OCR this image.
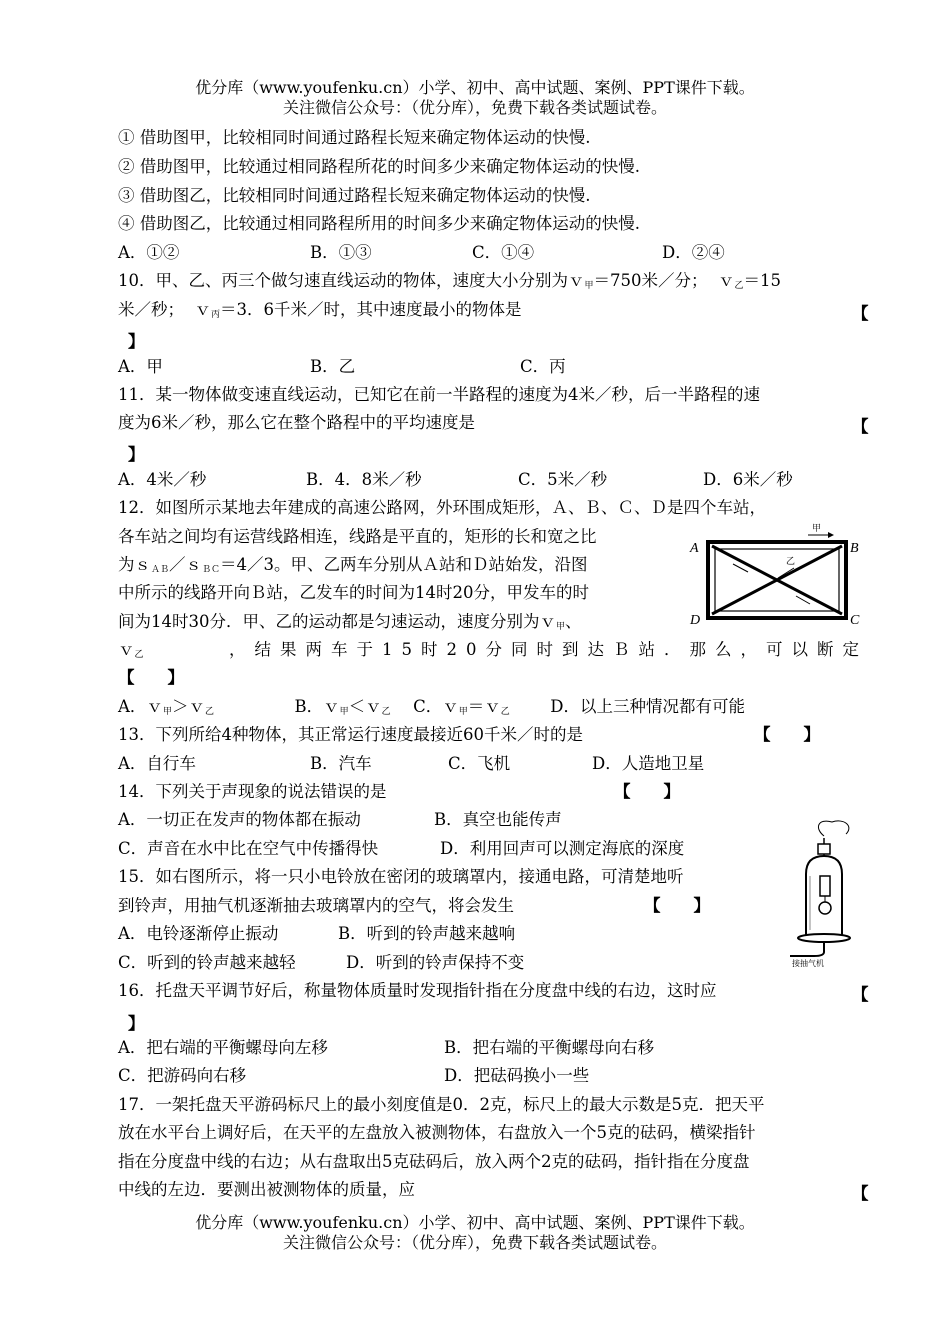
优分库（www.youfenku.cn）小学、初中、高中试题、案例、PPT课件下载。
关注微信公众号：（优分库），免费下载各类试题试卷。
① 借助图甲，比较相同时间通过路程长短来确定物体运动的快慢.
② 借助图甲，比较通过相同路程所花的时间多少来确定物体运动的快慢.
③ 借助图乙，比较相同时间通过路程长短来确定物体运动的快慢.
④ 借助图乙，比较通过相同路程所用的时间多少来确定物体运动的快慢.
A．①②	B．①③	C．①④	D．②④
10．甲、乙、丙三个做匀速直线运动的物体，速度大小分别为ｖ$_甲$＝750米／分； ｖ$_乙$＝15
米／秒； ｖ$_丙$＝3．6千米／时，其中速度最小的物体是	【
】
A．甲	B．乙	C．丙
11．某一物体做变速直线运动，已知它在前一半路程的速度为4米／秒，后一半路程的速
度为6米／秒，那么它在整个路程中的平均速度是	【
】
A．4米／秒	B．4．8米／秒	C．5米／秒	D．6米／秒
12．如图所示某地去年建成的高速公路网，外环围成矩形，Ａ、Ｂ、Ｃ、Ｄ是四个车站，
各车站之间均有运营线路相连，线路是平直的，矩形的长和宽之比
为ｓ$_{AB}$／ｓ$_{BC}$＝4／3。甲、乙两车分别从Ａ站和Ｄ站始发，沿图
中所示的线路开向Ｂ站，乙发车的时间为14时20分，甲发车的时
间为14时30分．甲、乙的运动都是匀速运动，速度分别为ｖ$_甲$、
ｖ$_乙$	，结果两车于15时20分同时到达Ｂ站．那么，可以断定
【　　】
A．ｖ$_甲$＞ｖ$_乙$	B．ｖ$_甲$＜ｖ$_乙$ C．ｖ$_甲$＝ｖ$_乙$ D．以上三种情况都有可能
A	B
C
D
甲
乙
13．下列所给4种物体，其正常运行速度最接近60千米／时的是	【　　】
A．自行车	B．汽车	C．飞机	D．人造地卫星
14．下列关于声现象的说法错误的是	【　　】
A．一切正在发声的物体都在振动	B．真空也能传声
C．声音在水中比在空气中传播得快	D．利用回声可以测定海底的深度
15．如右图所示，将一只小电铃放在密闭的玻璃罩内，接通电路，可清楚地听
到铃声，用抽气机逐渐抽去玻璃罩内的空气，将会发生	【　　】
A．电铃逐渐停止振动	B．听到的铃声越来越响
C．听到的铃声越来越轻	D．听到的铃声保持不变	接抽气机
16．托盘天平调节好后，称量物体质量时发现指针指在分度盘中线的右边，这时应	【
】
A．把右端的平衡螺母向左移	B．把右端的平衡螺母向右移
C．把游码向右移	D．把砝码换小一些
17．一架托盘天平游码标尺上的最小刻度值是0．2克，标尺上的最大示数是5克．把天平
放在水平台上调好后，在天平的左盘放入被测物体，右盘放入一个5克的砝码，横梁指针
指在分度盘中线的右边；从右盘取出5克砝码后，放入两个2克的砝码，指针指在分度盘
中线的左边．要测出被测物体的质量，应	【
优分库（www.youfenku.cn）小学、初中、高中试题、案例、PPT课件下载。
关注微信公众号：（优分库），免费下载各类试题试卷。
